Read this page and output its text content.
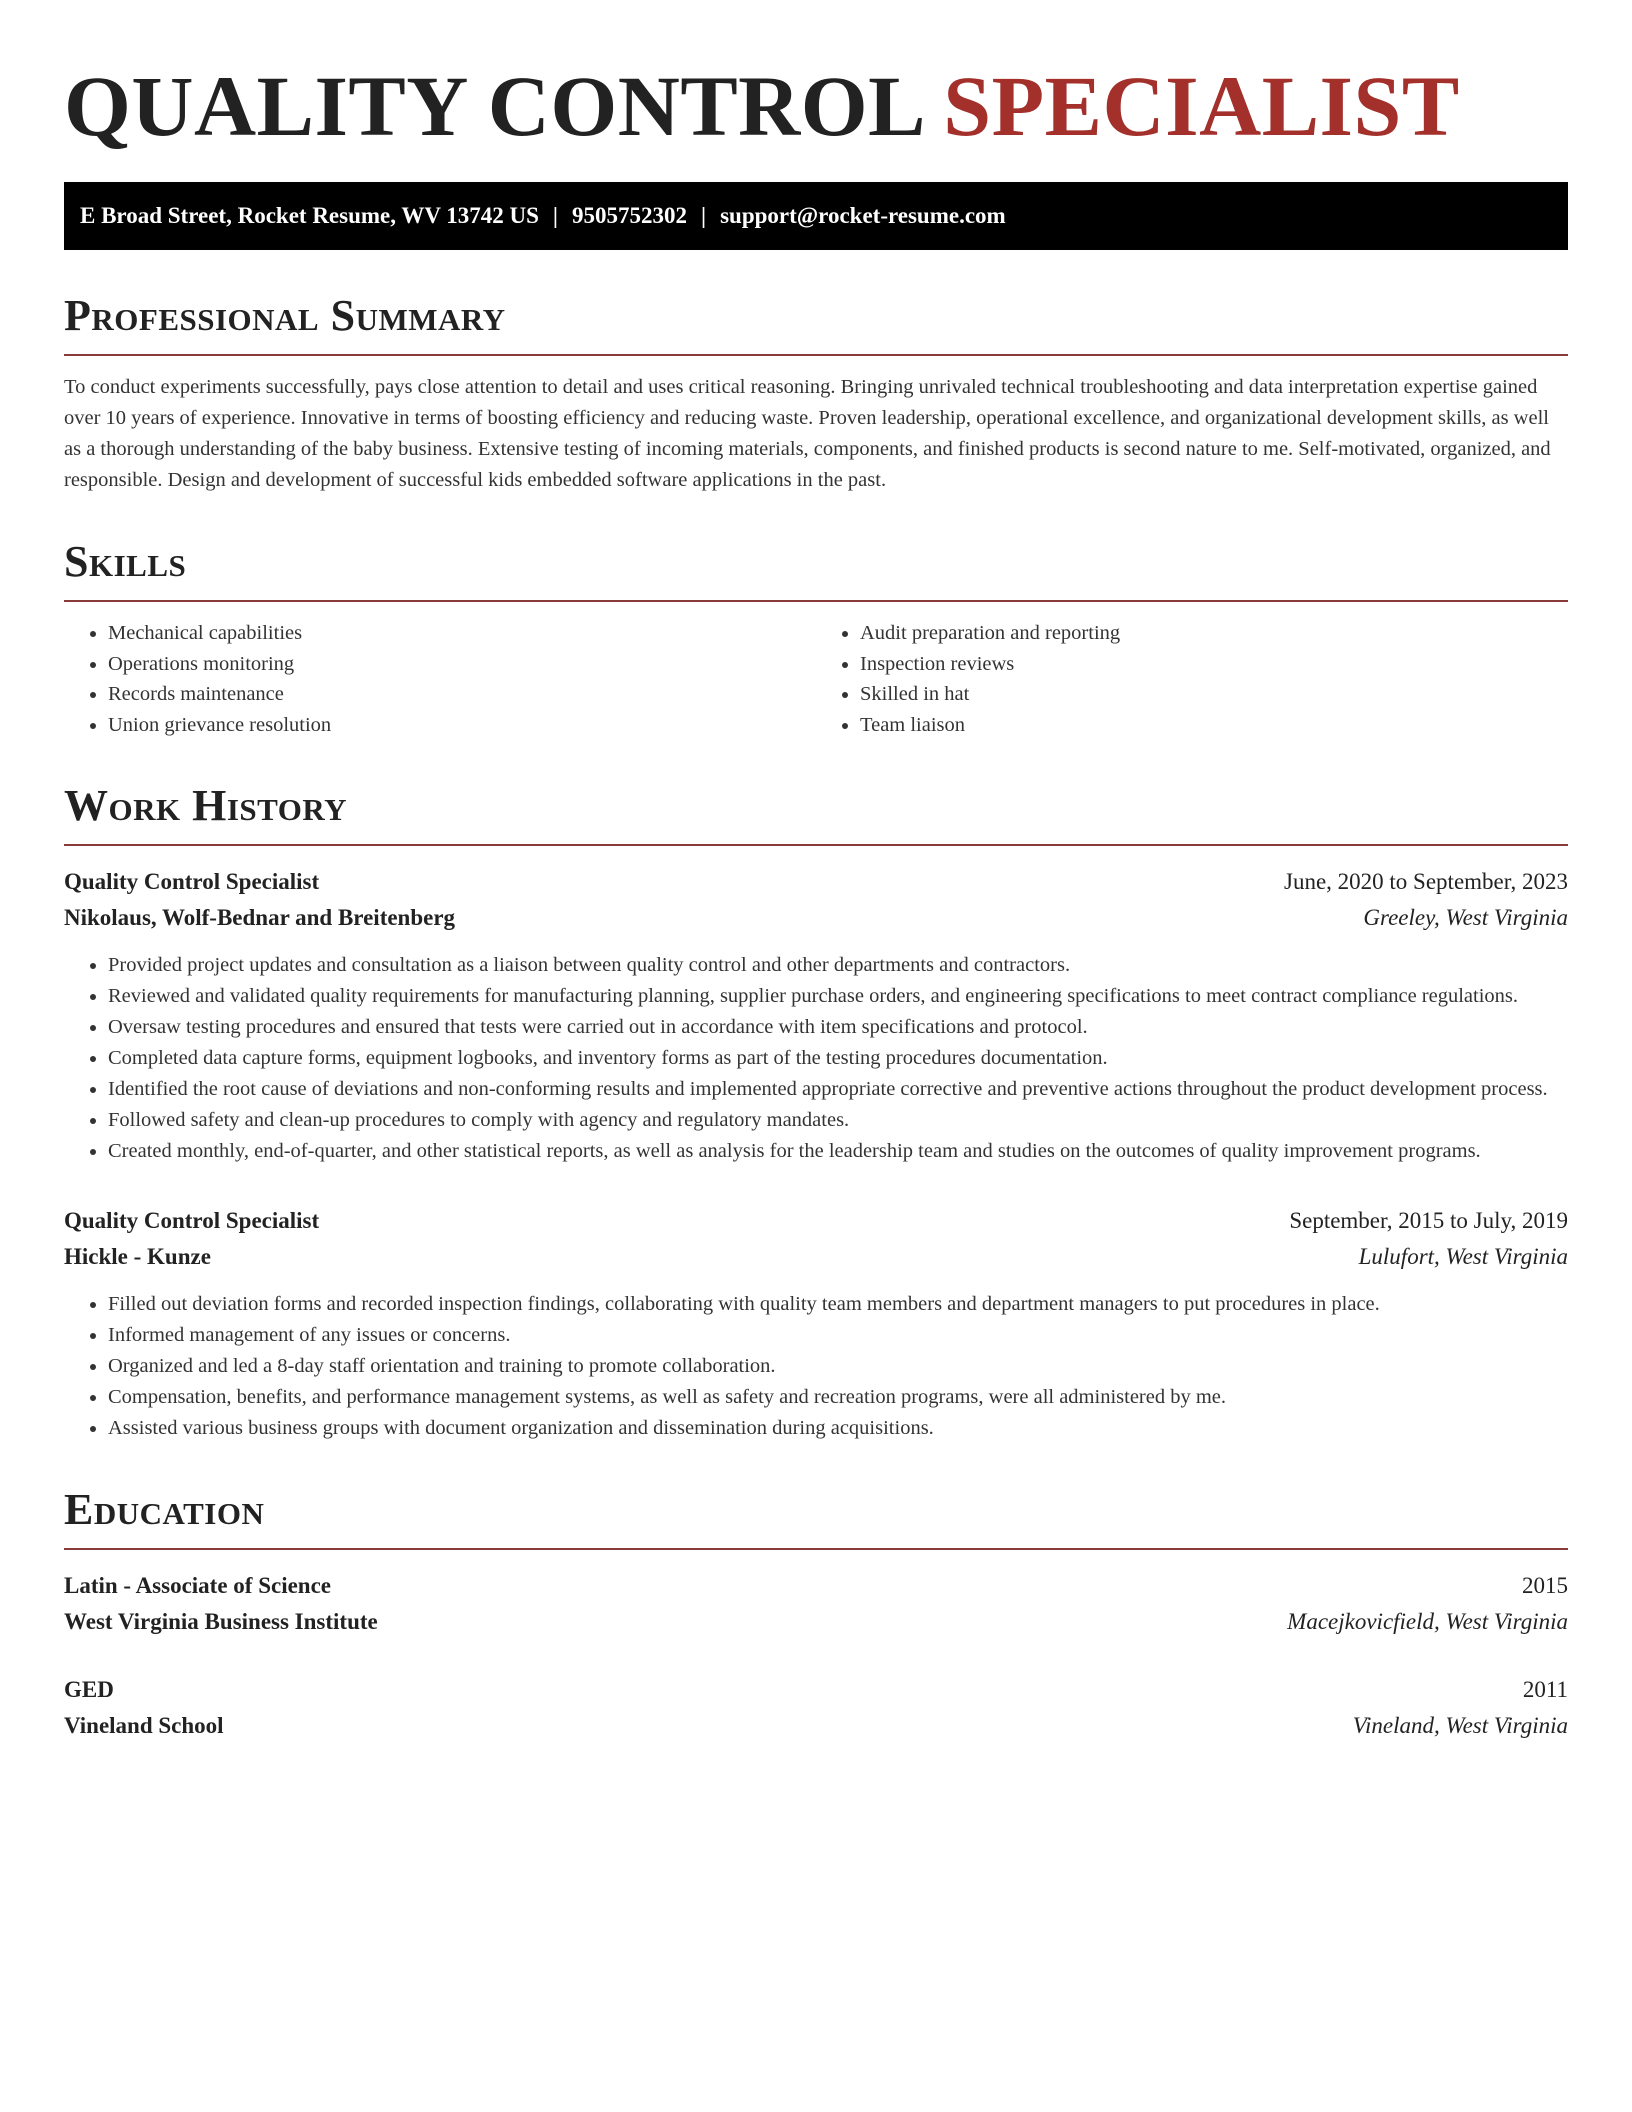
QUALITY CONTROL SPECIALIST
E Broad Street, Rocket Resume, WV 13742 US | 9505752302 | support@rocket-resume.com
Professional Summary

To conduct experiments successfully, pays close attention to detail and uses critical reasoning. Bringing unrivaled technical troubleshooting and data interpretation expertise gained over 10 years of experience. Innovative in terms of boosting efficiency and reducing waste. Proven leadership, operational excellence, and organizational development skills, as well as a thorough understanding of the baby business. Extensive testing of incoming materials, components, and finished products is second nature to me. Self-motivated, organized, and responsible. Design and development of successful kids embedded software applications in the past.

Skills
• Mechanical capabilities
• Operations monitoring
• Records maintenance
• Union grievance resolution
• Audit preparation and reporting
• Inspection reviews
• Skilled in hat
• Team liaison
Work History
Quality Control Specialist	June, 2020 to September, 2023
Nikolaus, Wolf-Bednar and Breitenberg	Greeley, West Virginia
• Provided project updates and consultation as a liaison between quality control and other departments and contractors.
• Reviewed and validated quality requirements for manufacturing planning, supplier purchase orders, and engineering specifications to meet contract compliance regulations.
• Oversaw testing procedures and ensured that tests were carried out in accordance with item specifications and protocol.
• Completed data capture forms, equipment logbooks, and inventory forms as part of the testing procedures documentation.
• Identified the root cause of deviations and non-conforming results and implemented appropriate corrective and preventive actions throughout the product development process.
• Followed safety and clean-up procedures to comply with agency and regulatory mandates.
• Created monthly, end-of-quarter, and other statistical reports, as well as analysis for the leadership team and studies on the outcomes of quality improvement programs.
Quality Control Specialist	September, 2015 to July, 2019
Hickle - Kunze	Lulufort, West Virginia
• Filled out deviation forms and recorded inspection findings, collaborating with quality team members and department managers to put procedures in place.
• Informed management of any issues or concerns.
• Organized and led a 8-day staff orientation and training to promote collaboration.
• Compensation, benefits, and performance management systems, as well as safety and recreation programs, were all administered by me.
• Assisted various business groups with document organization and dissemination during acquisitions.
Education
Latin - Associate of Science	2015
West Virginia Business Institute	Macejkovicfield, West Virginia
GED	2011
Vineland School	Vineland, West Virginia
